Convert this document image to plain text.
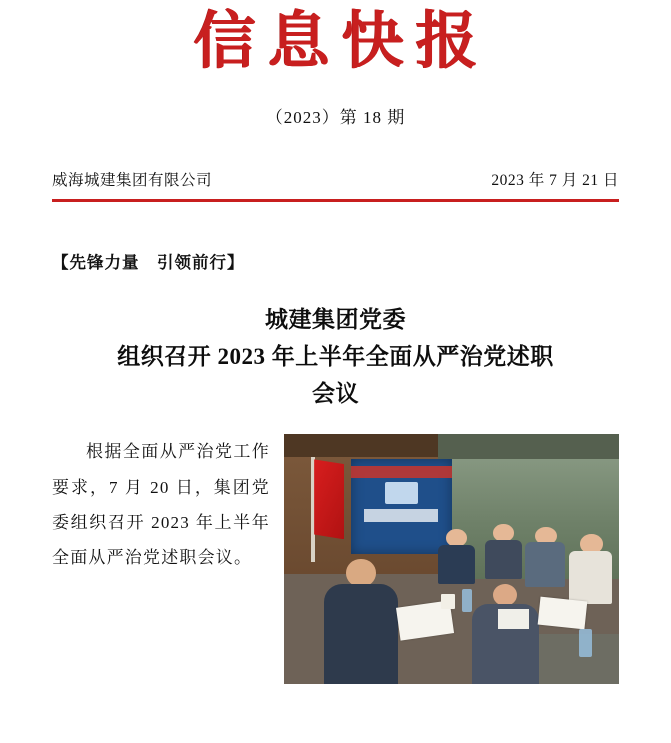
信息快报
（2023）第 18 期
威海城建集团有限公司	2023 年 7 月 21 日
【先锋力量　引领前行】
城建集团党委
组织召开 2023 年上半年全面从严治党述职
会议

根据全面从严治党工作要求，7 月 20 日，集团党委组织召开 2023 年上半年全面从严治党述职会议。
